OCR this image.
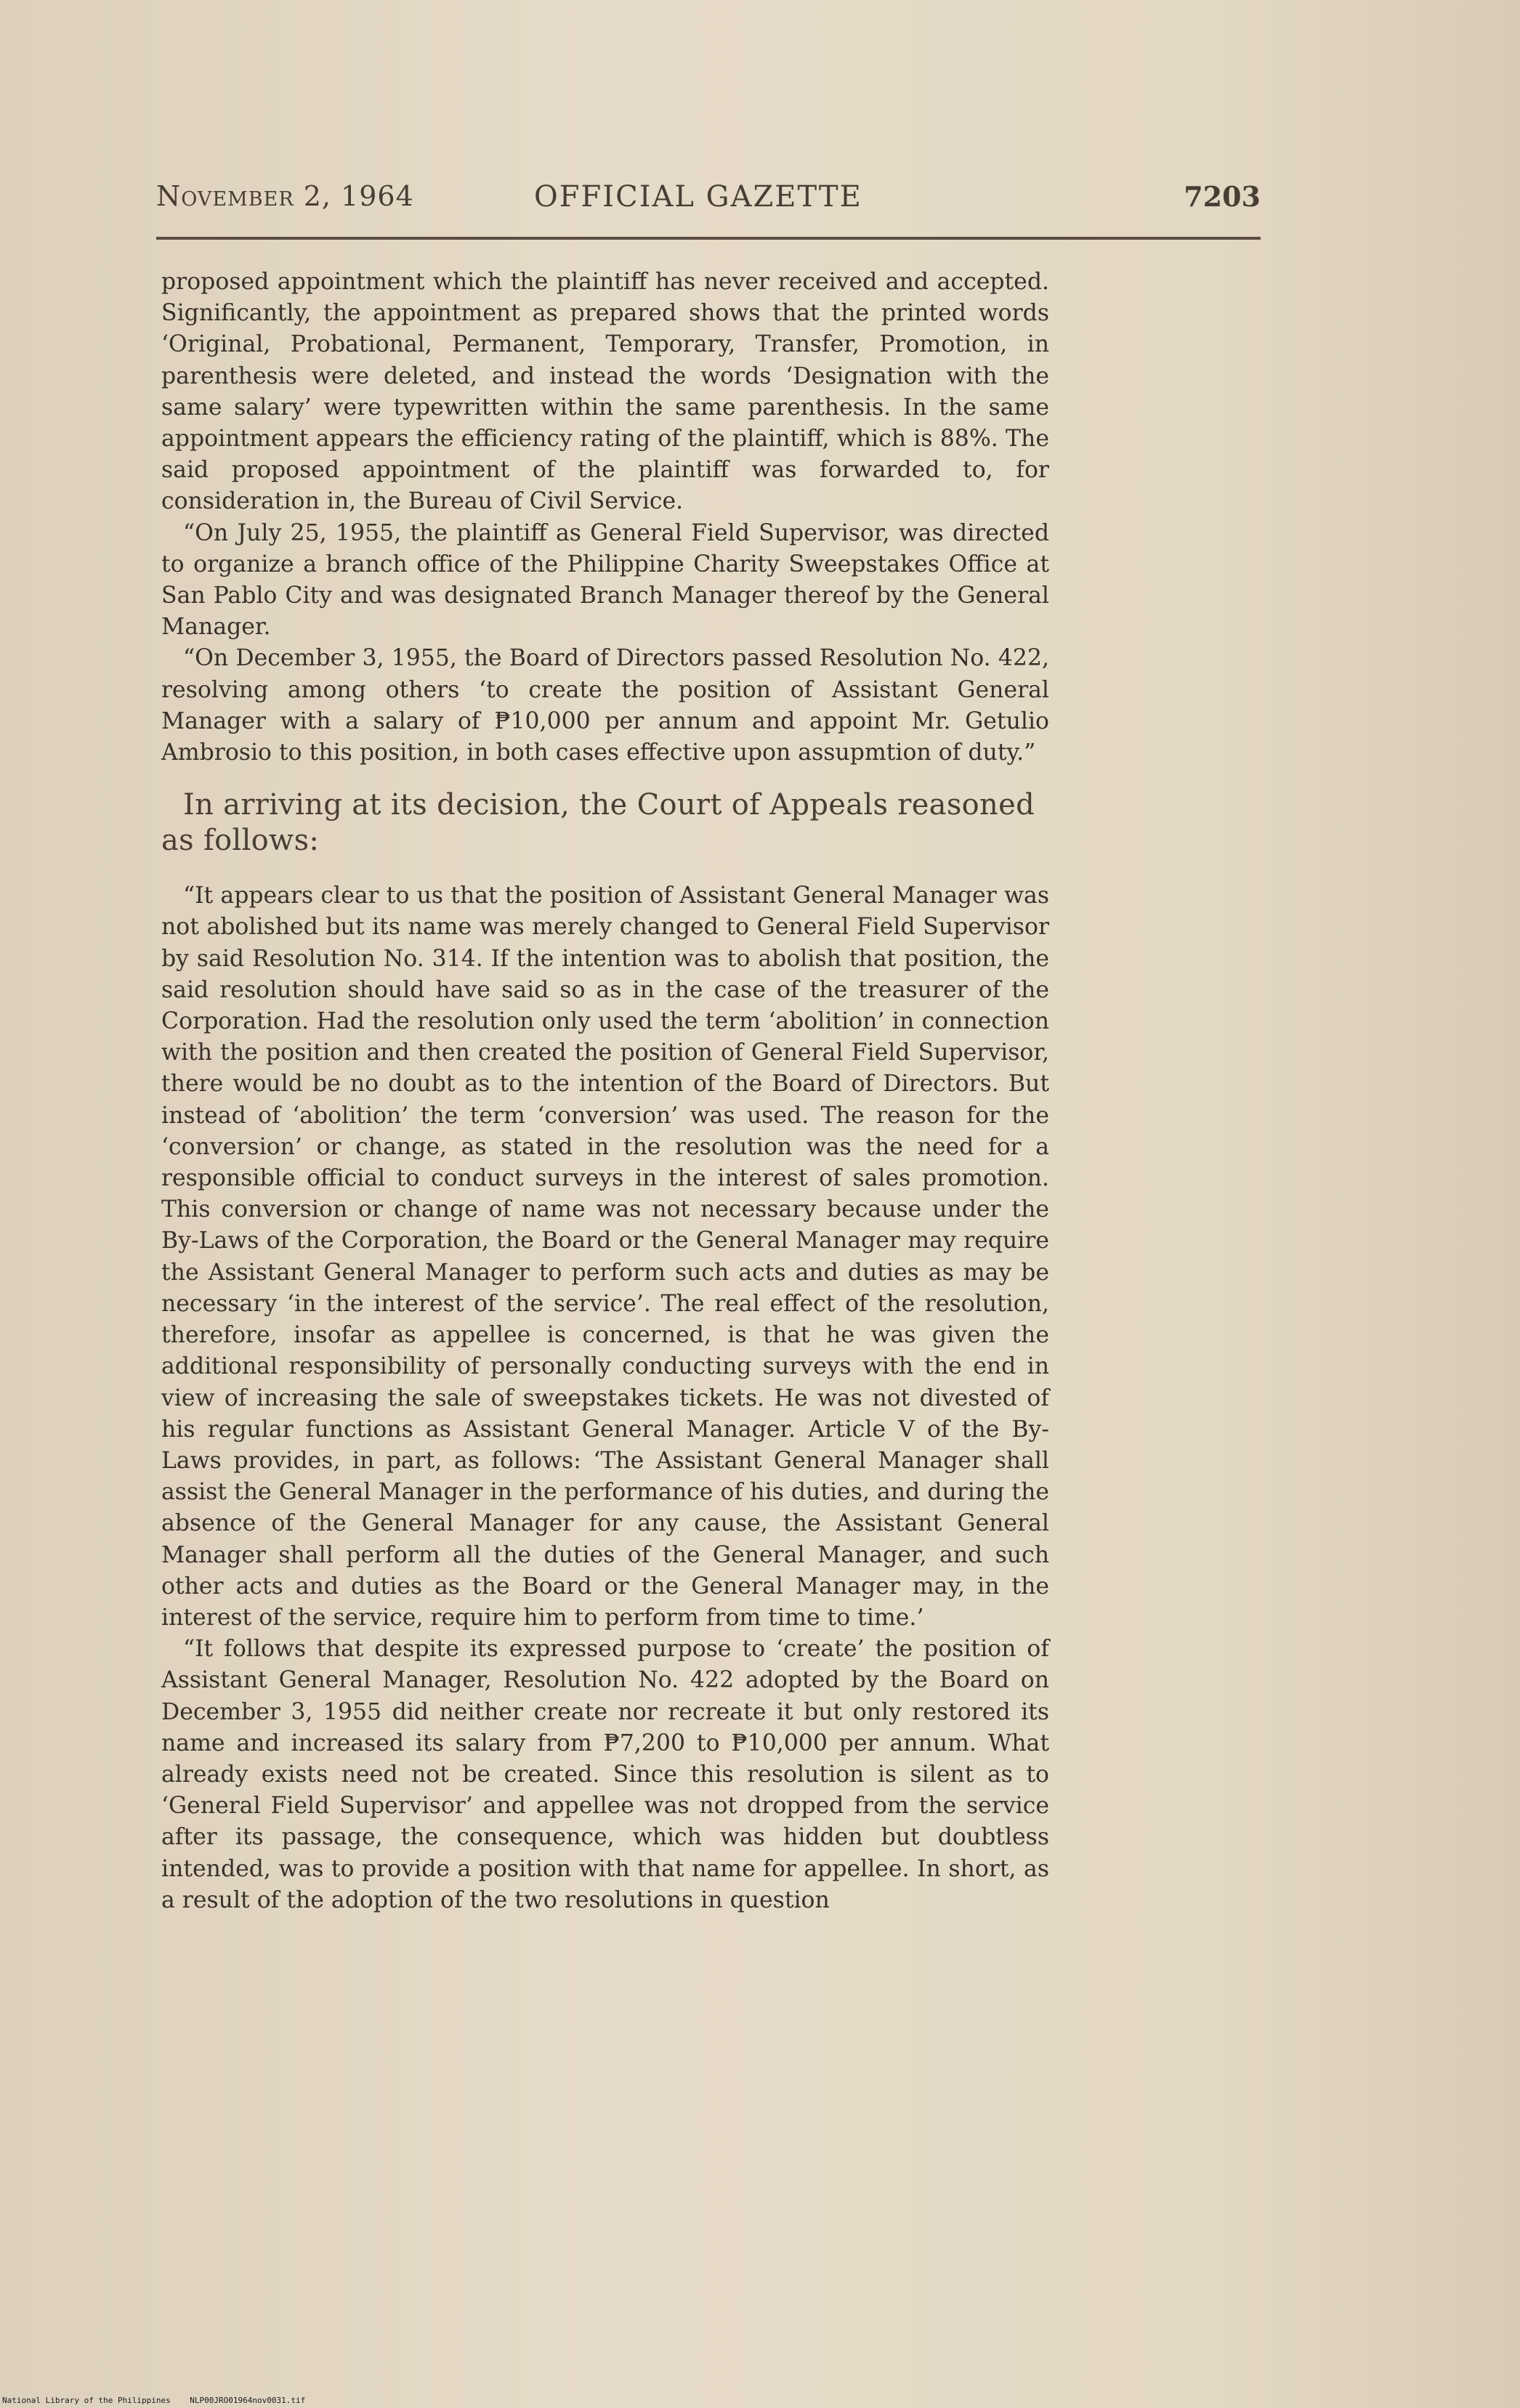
November 2, 1964	OFFICIAL GAZETTE	7203

proposed appointment which the plaintiff has never received and accepted. Significantly, the appointment as prepared shows that the printed words ‘Original, Probational, Permanent, Temporary, Transfer, Promotion, in parenthesis were deleted, and instead the words ‘Designation with the same salary’ were typewritten within the same parenthesis. In the same appointment appears the efficiency rating of the plaintiff, which is 88%. The said proposed appointment of the plaintiff was forwarded to, for consideration in, the Bureau of Civil Service.

“On July 25, 1955, the plaintiff as General Field Supervisor, was directed to organize a branch office of the Philippine Charity Sweepstakes Office at San Pablo City and was designated Branch Manager thereof by the General Manager.

“On December 3, 1955, the Board of Directors passed Resolution No. 422, resolving among others ‘to create the position of Assistant General Manager with a salary of ₱10,000 per annum and appoint Mr. Getulio Ambrosio to this position, in both cases effective upon assupmtion of duty.”

In arriving at its decision, the Court of Appeals reasoned as follows:

“It appears clear to us that the position of Assistant General Manager was not abolished but its name was merely changed to General Field Supervisor by said Resolution No. 314. If the intention was to abolish that position, the said resolution should have said so as in the case of the treasurer of the Corporation. Had the resolution only used the term ‘abolition’ in connection with the position and then created the position of General Field Supervisor, there would be no doubt as to the intention of the Board of Directors. But instead of ‘abolition’ the term ‘conversion’ was used. The reason for the ‘conversion’ or change, as stated in the resolution was the need for a responsible official to conduct surveys in the interest of sales promotion. This conversion or change of name was not necessary because under the By-Laws of the Corporation, the Board or the General Manager may require the Assistant General Manager to perform such acts and duties as may be necessary ‘in the interest of the service’. The real effect of the resolution, therefore, insofar as appellee is concerned, is that he was given the additional responsibility of personally conducting surveys with the end in view of increasing the sale of sweepstakes tickets. He was not divested of his regular functions as Assistant General Manager. Article V of the By-Laws provides, in part, as follows: ‘The Assistant General Manager shall assist the General Manager in the performance of his duties, and during the absence of the General Manager for any cause, the Assistant General Manager shall perform all the duties of the General Manager, and such other acts and duties as the Board or the General Manager may, in the interest of the service, require him to perform from time to time.’

“It follows that despite its expressed purpose to ‘create’ the position of Assistant General Manager, Resolution No. 422 adopted by the Board on December 3, 1955 did neither create nor recreate it but only restored its name and increased its salary from ₱7,200 to ₱10,000 per annum. What already exists need not be created. Since this resolution is silent as to ‘General Field Supervisor’ and appellee was not dropped from the service after its passage, the consequence, which was hidden but doubtless intended, was to provide a position with that name for appellee. In short, as a result of the adoption of the two resolutions in question

National Library of the Philippines NLP00JRO01964nov0031.tif
